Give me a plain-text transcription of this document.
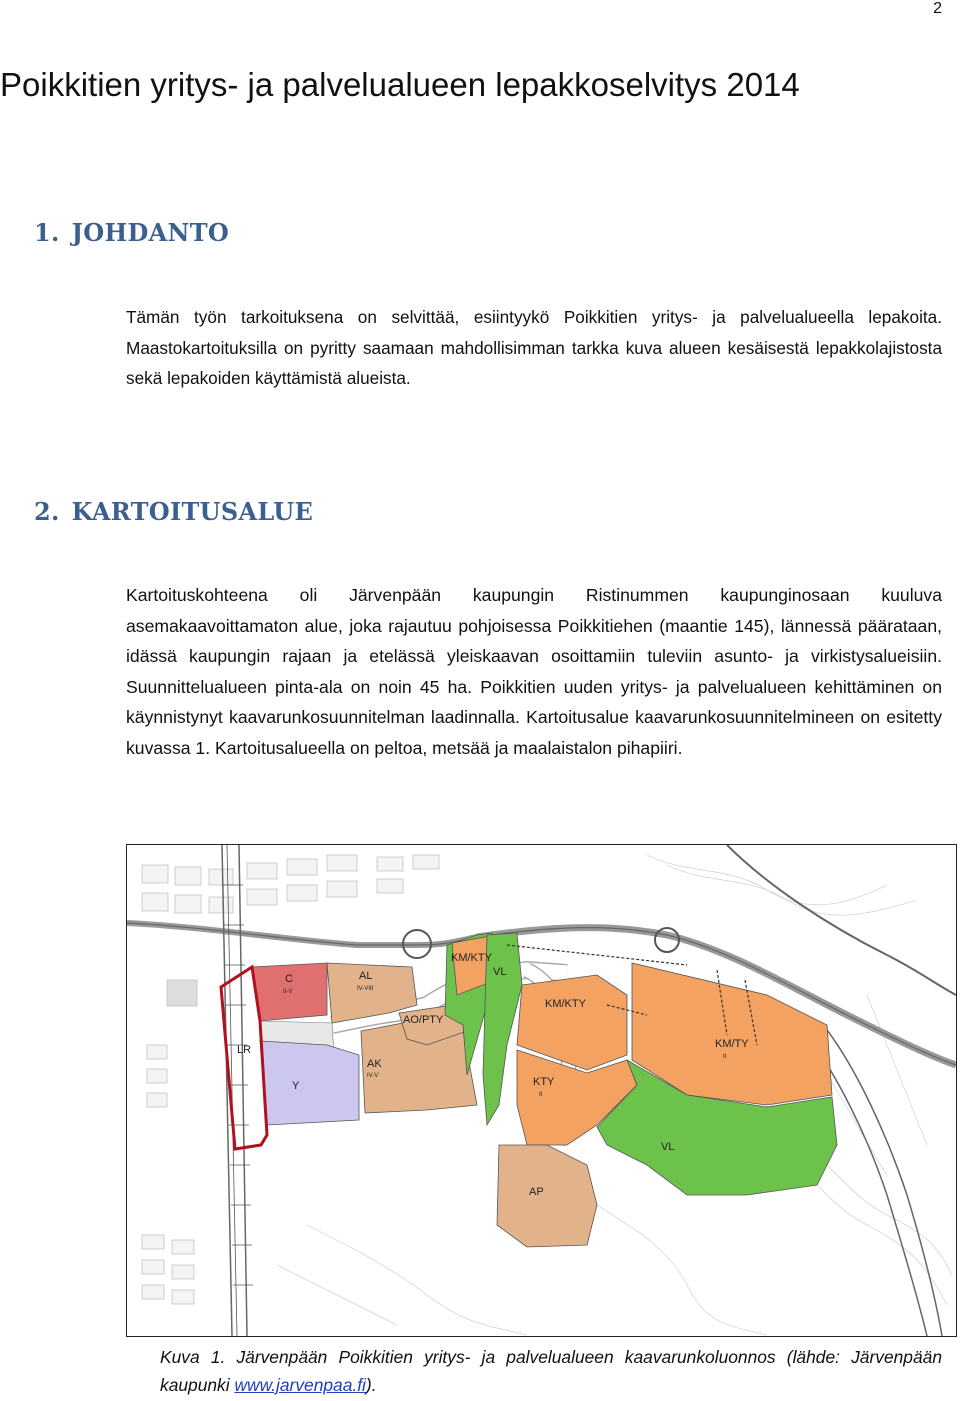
2
Poikkitien yritys- ja palvelualueen lepakkoselvitys 2014
1. JOHDANTO

Tämän työn tarkoituksena on selvittää, esiintyykö Poikkitien yritys- ja palvelualueella lepakoita. Maastokartoituksilla on pyritty saamaan mahdollisimman tarkka kuva alueen kesäisestä lepakkolajistosta sekä lepakoiden käyttämistä alueista.

2. KARTOITUSALUE

Kartoituskohteena oli Järvenpään kaupungin Ristinummen kaupunginosaan kuuluva asemakaavoittamaton alue, joka rajautuu pohjoisessa Poikkitiehen (maantie 145), lännessä päärataan, idässä kaupungin rajaan ja etelässä yleiskaavan osoittamiin tuleviin asunto- ja virkistysalueisiin. Suunnittelualueen pinta-ala on noin 45 ha. Poikkitien uuden yritys- ja palvelualueen kehittäminen on käynnistynyt kaavarunkosuunnitelman laadinnalla. Kartoitusalue kaavarunkosuunnitelmineen on esitetty kuvassa 1. Kartoitusalueella on peltoa, metsää ja maalaistalon pihapiiri.

C
II-V
AL
IV-VIII
LR
Y
AK
IV-V
AO/PTY
KM/KTY
VL
KM/KTY
KM/TY
II
KTY
II
VL
AP

Kuva 1. Järvenpään Poikkitien yritys- ja palvelualueen kaavarunkoluonnos (lähde: Järvenpään kaupunki www.jarvenpaa.fi).
